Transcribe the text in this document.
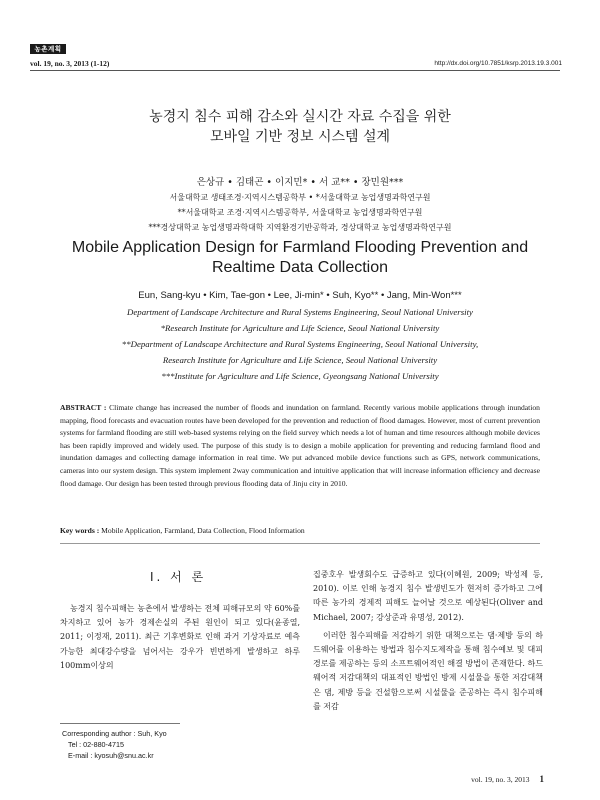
농촌계획
vol. 19, no. 3, 2013 (1-12)	http://dx.doi.org/10.7851/ksrp.2013.19.3.001
농경지 침수 피해 감소와 실시간 자료 수집을 위한
모바일 기반 정보 시스템 설계
은상규 • 김태곤 • 이지민* • 서 교** • 장민원***
서울대학교 생태조경·지역시스템공학부 • *서울대학교 농업생명과학연구원
**서울대학교 조경·지역시스템공학부, 서울대학교 농업생명과학연구원
***경상대학교 농업생명과학대학 지역환경기반공학과, 경상대학교 농업생명과학연구원
Mobile Application Design for Farmland Flooding Prevention and
Realtime Data Collection
Eun, Sang-kyu • Kim, Tae-gon • Lee, Ji-min* • Suh, Kyo** • Jang, Min-Won***
Department of Landscape Architecture and Rural Systems Engineering, Seoul National University
*Research Institute for Agriculture and Life Science, Seoul National University
**Department of Landscape Architecture and Rural Systems Engineering, Seoul National University,
Research Institute for Agriculture and Life Science, Seoul National University
***Institute for Agriculture and Life Science, Gyeongsang National University
ABSTRACT : Climate change has increased the number of floods and inundation on farmland. Recently various mobile applications through inundation mapping, flood forecasts and evacuation routes have been developed for the prevention and reduction of flood damages. However, most of current prevention systems for farmland flooding are still web-based systems relying on the field survey which needs a lot of human and time resources although mobile devices has been rapidly improved and widely used. The purpose of this study is to design a mobile application for preventing and reducing farmland flood and inundation damages and collecting damage information in real time. We put advanced mobile device functions such as GPS, network communications, cameras into our system design. This system implement 2way communication and intuitive application that will increase information efficiency and decrease flood damage. Our design has been tested through previous flooding data of Jinju city in 2010.
Key words : Mobile Application, Farmland, Data Collection, Flood Information
I. 서 론
농경지 침수피해는 농촌에서 발생하는 전체 피해규모의 약 60%를 차지하고 있어 농가 경제손실의 주된 원인이 되고 있다(윤종열, 2011; 이정재, 2011). 최근 기후변화로 인해 과거 기상자료로 예측 가능한 최대강수량을 넘어서는 강우가 빈번하게 발생하고 하루 100mm이상의
집중호우 발생회수도 급증하고 있다(이혜원, 2009; 박성제 등, 2010). 이로 인해 농경지 침수 발생빈도가 현저히 증가하고 그에 따른 농가의 경제적 피해도 늘어날 것으로 예상된다(Oliver and Michael, 2007; 강상준과 유명성, 2012).
이러한 침수피해를 저감하기 위한 대책으로는 댐·제방 등의 하드웨어를 이용하는 방법과 침수지도제작을 통해 침수예보 및 대피경로를 제공하는 등의 소프트웨어적인 해결 방법이 존재한다. 하드웨어적 저감대책의 대표적인 방법인 방제 시설물을 통한 저감대책은 댐, 제방 등을 건설함으로써 시설물을 준공하는 즉시 침수피해를 저감
Corresponding author : Suh, Kyo
Tel : 02-880-4715
E-mail : kyosuh@snu.ac.kr
vol. 19, no. 3, 2013 1
